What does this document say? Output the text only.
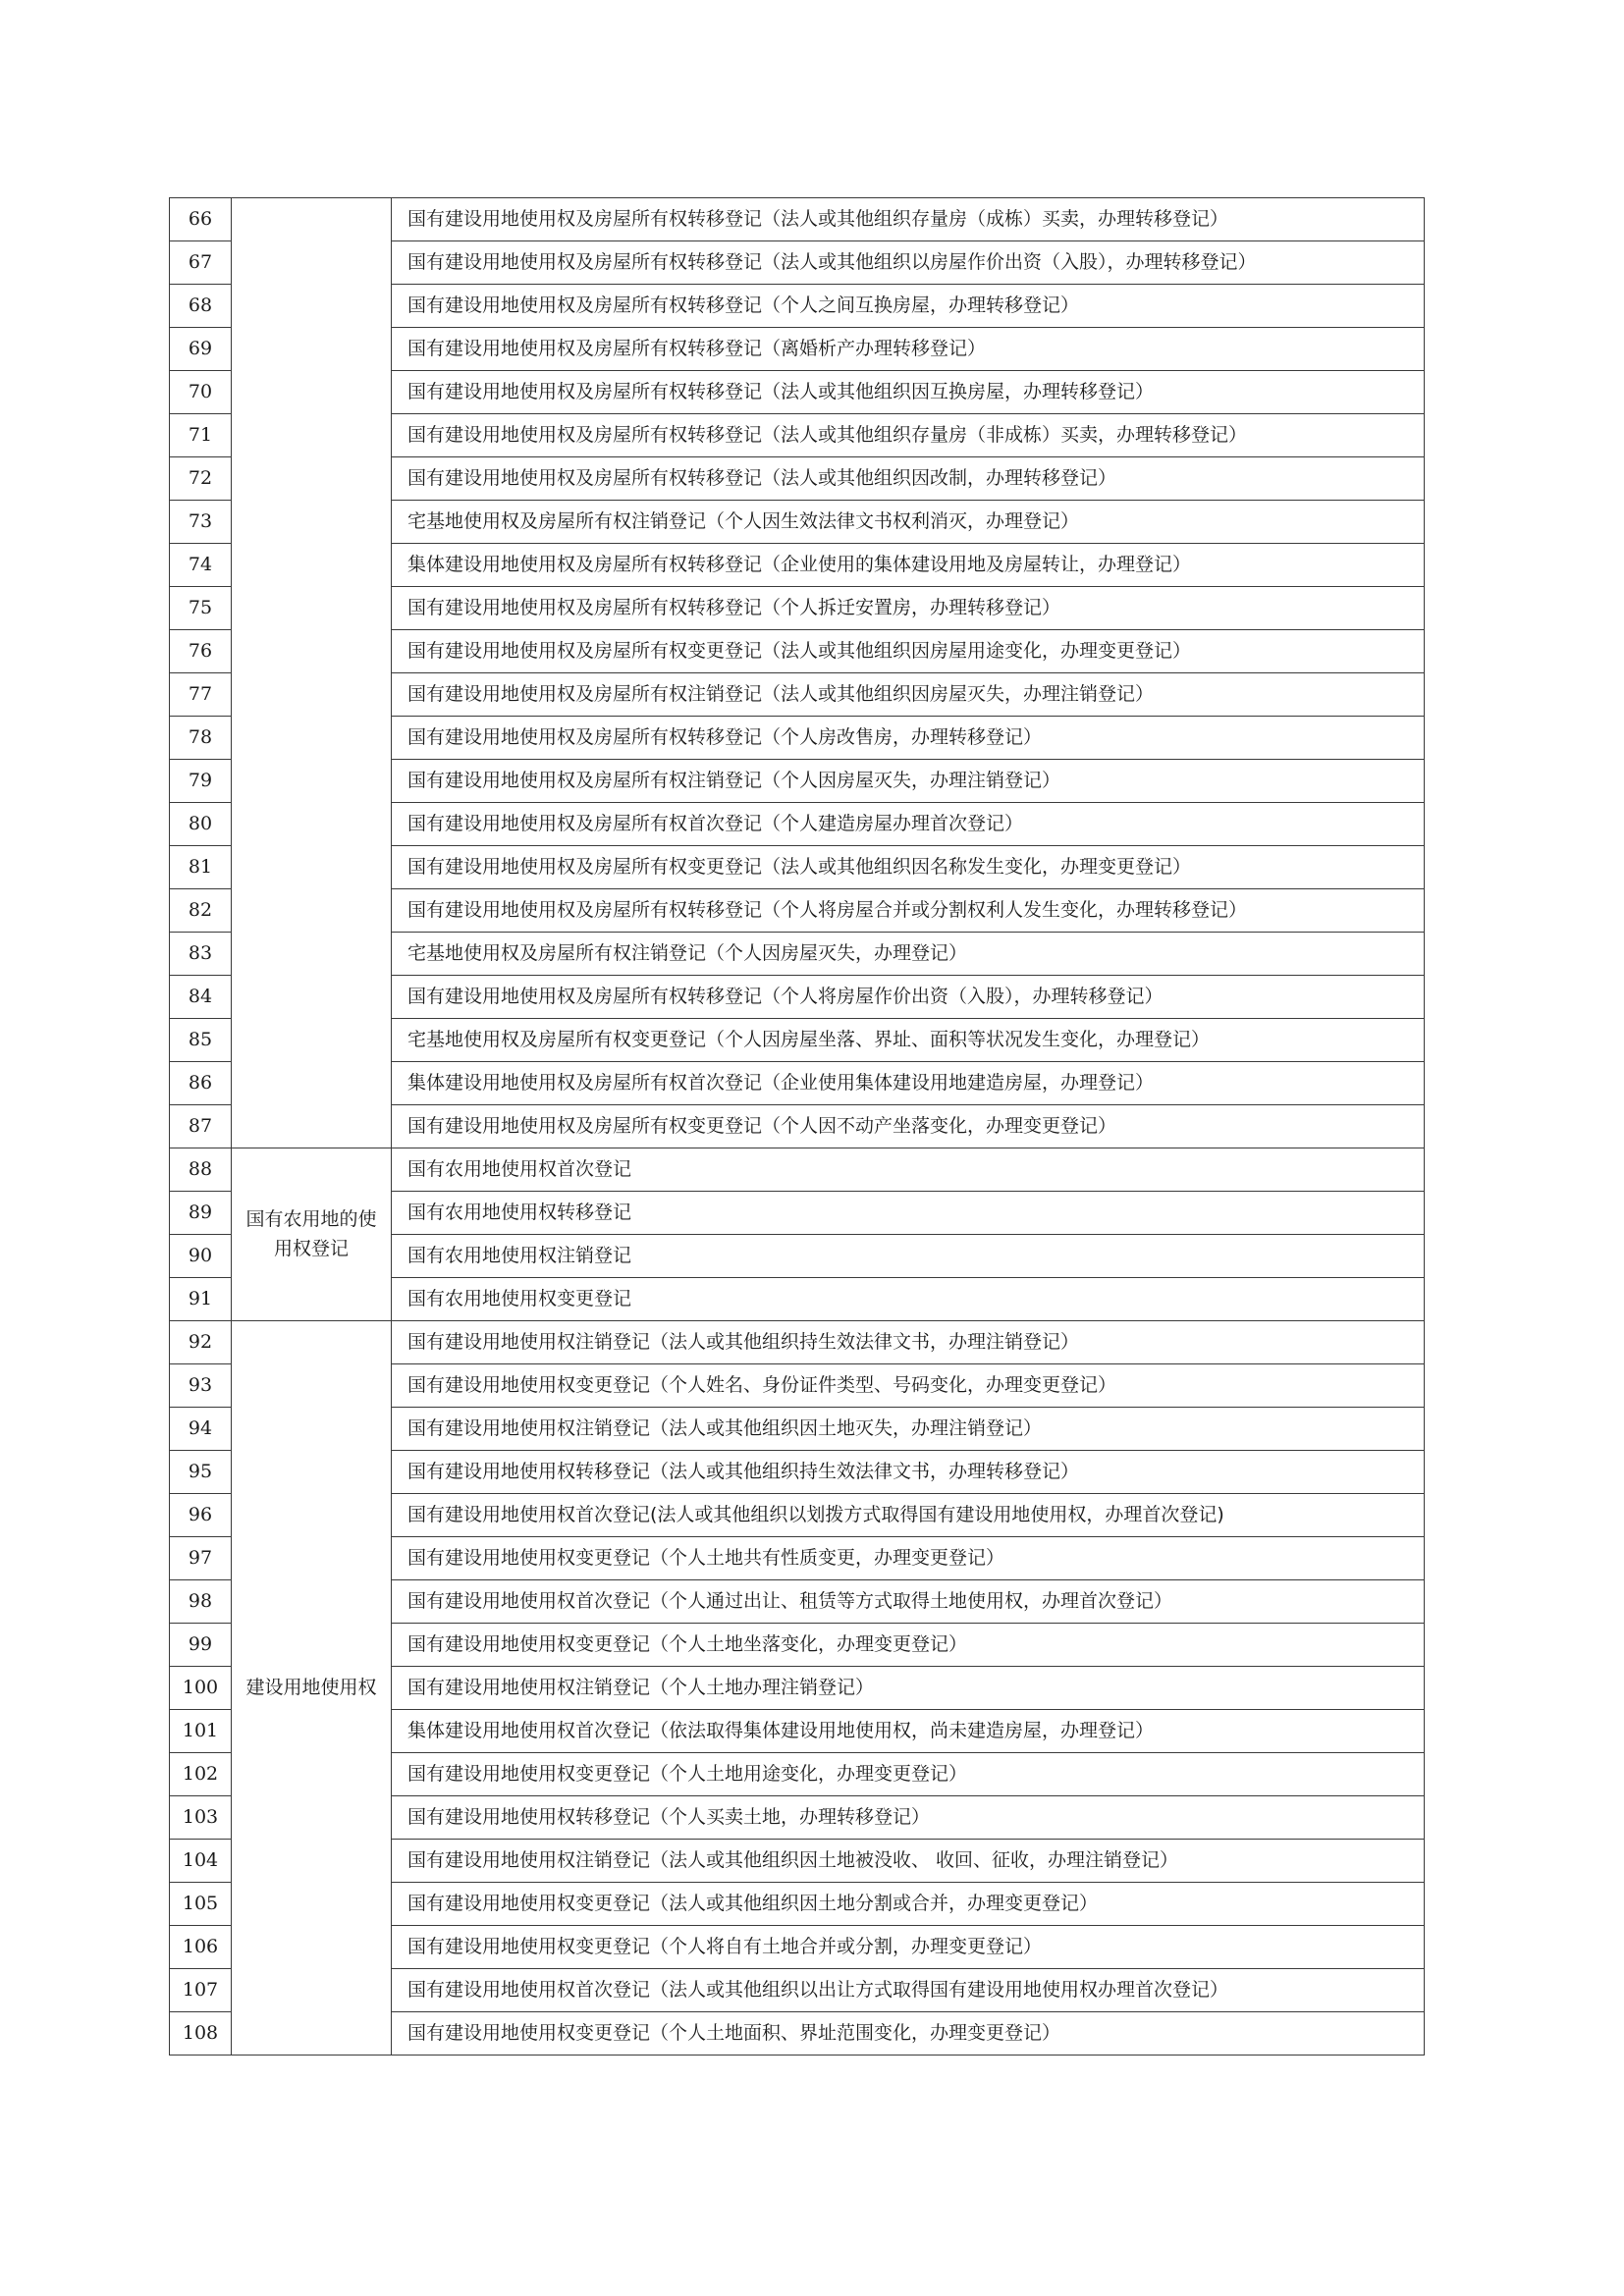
66		国有建设用地使用权及房屋所有权转移登记（法人或其他组织存量房（成栋）买卖，办理转移登记）
67		国有建设用地使用权及房屋所有权转移登记（法人或其他组织以房屋作价出资（入股），办理转移登记）
68		国有建设用地使用权及房屋所有权转移登记（个人之间互换房屋，办理转移登记）
69		国有建设用地使用权及房屋所有权转移登记（离婚析产办理转移登记）
70		国有建设用地使用权及房屋所有权转移登记（法人或其他组织因互换房屋，办理转移登记）
71		国有建设用地使用权及房屋所有权转移登记（法人或其他组织存量房（非成栋）买卖，办理转移登记）
72		国有建设用地使用权及房屋所有权转移登记（法人或其他组织因改制，办理转移登记）
73		宅基地使用权及房屋所有权注销登记（个人因生效法律文书权利消灭，办理登记）
74		集体建设用地使用权及房屋所有权转移登记（企业使用的集体建设用地及房屋转让，办理登记）
75		国有建设用地使用权及房屋所有权转移登记（个人拆迁安置房，办理转移登记）
76		国有建设用地使用权及房屋所有权变更登记（法人或其他组织因房屋用途变化，办理变更登记）
77		国有建设用地使用权及房屋所有权注销登记（法人或其他组织因房屋灭失，办理注销登记）
78		国有建设用地使用权及房屋所有权转移登记（个人房改售房，办理转移登记）
79		国有建设用地使用权及房屋所有权注销登记（个人因房屋灭失，办理注销登记）
80		国有建设用地使用权及房屋所有权首次登记（个人建造房屋办理首次登记）
81		国有建设用地使用权及房屋所有权变更登记（法人或其他组织因名称发生变化，办理变更登记）
82		国有建设用地使用权及房屋所有权转移登记（个人将房屋合并或分割权利人发生变化，办理转移登记）
83		宅基地使用权及房屋所有权注销登记（个人因房屋灭失，办理登记）
84		国有建设用地使用权及房屋所有权转移登记（个人将房屋作价出资（入股），办理转移登记）
85		宅基地使用权及房屋所有权变更登记（个人因房屋坐落、界址、面积等状况发生变化，办理登记）
86		集体建设用地使用权及房屋所有权首次登记（企业使用集体建设用地建造房屋，办理登记）
87		国有建设用地使用权及房屋所有权变更登记（个人因不动产坐落变化，办理变更登记）
88	国有农用地的使用权登记	国有农用地使用权首次登记
89		国有农用地使用权转移登记
90		国有农用地使用权注销登记
91		国有农用地使用权变更登记
92	建设用地使用权	国有建设用地使用权注销登记（法人或其他组织持生效法律文书，办理注销登记）
93		国有建设用地使用权变更登记（个人姓名、身份证件类型、号码变化，办理变更登记）
94		国有建设用地使用权注销登记（法人或其他组织因土地灭失，办理注销登记）
95		国有建设用地使用权转移登记（法人或其他组织持生效法律文书，办理转移登记）
96		国有建设用地使用权首次登记(法人或其他组织以划拨方式取得国有建设用地使用权，办理首次登记)
97		国有建设用地使用权变更登记（个人土地共有性质变更，办理变更登记）
98		国有建设用地使用权首次登记（个人通过出让、租赁等方式取得土地使用权，办理首次登记）
99		国有建设用地使用权变更登记（个人土地坐落变化，办理变更登记）
100		国有建设用地使用权注销登记（个人土地办理注销登记）
101		集体建设用地使用权首次登记（依法取得集体建设用地使用权，尚未建造房屋，办理登记）
102		国有建设用地使用权变更登记（个人土地用途变化，办理变更登记）
103		国有建设用地使用权转移登记（个人买卖土地，办理转移登记）
104		国有建设用地使用权注销登记（法人或其他组织因土地被没收、 收回、征收，办理注销登记）
105		国有建设用地使用权变更登记（法人或其他组织因土地分割或合并，办理变更登记）
106		国有建设用地使用权变更登记（个人将自有土地合并或分割，办理变更登记）
107		国有建设用地使用权首次登记（法人或其他组织以出让方式取得国有建设用地使用权办理首次登记）
108		国有建设用地使用权变更登记（个人土地面积、界址范围变化，办理变更登记）
